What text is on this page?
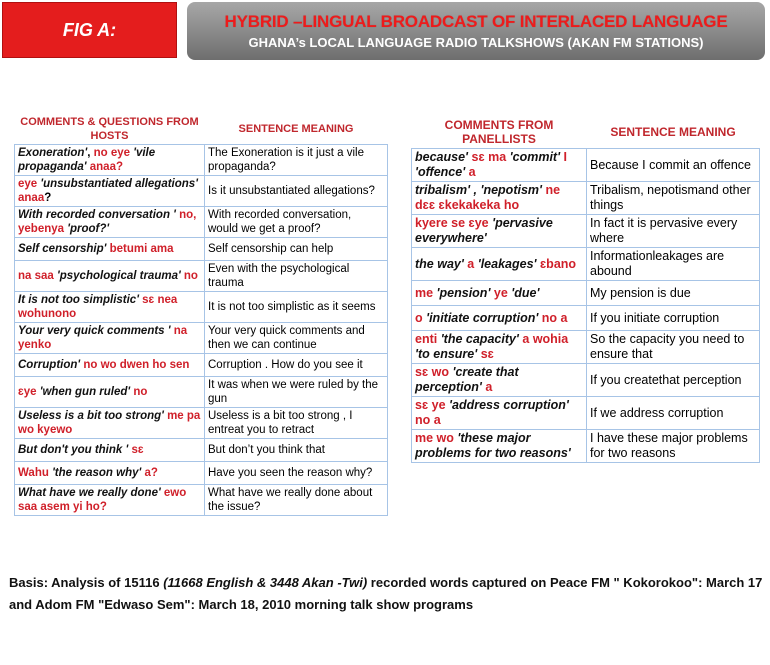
FIG A:	HYBRID –LINGUAL BROADCAST OF INTERLACED LANGUAGE
GHANA’s LOCAL LANGUAGE RADIO TALKSHOWS (AKAN FM STATIONS)
COMMENTS & QUESTIONS FROM HOSTS	SENTENCE MEANING
Exoneration', no eye 'vile propaganda' anaa?	The Exoneration is it just a vile propaganda?
eye 'unsubstantiated allegations' anaa?	Is it unsubstantiated allegations?
With recorded conversation ' no, yebenya 'proof?'	With recorded conversation, would we get a proof?
Self censorship' betumi ama	Self censorship can help
na saa 'psychological trauma' no	Even with the psychological trauma
It is not too simplistic' sɛ nea wohunono	It is not too simplistic as it seems
Your very quick comments ' na yenko	Your very quick comments and then we can continue
Corruption' no wo dwen ho sen	Corruption . How do you see it
ɛye 'when gun ruled' no	It was when we were ruled by the gun
Useless is a bit too strong' me pa wo kyewo	Useless is a bit too strong , I entreat you to retract
But don't you think ' sɛ	But don’t you think that
Wahu 'the reason why' a?	Have you seen the reason why?
What have we really done' ewo saa asem yi ho?	What have we really done about the issue?
COMMENTS FROM PANELLISTS	SENTENCE MEANING
because' sɛ ma 'commit' I 'offence' a	Because I commit an offence
tribalism' , 'nepotism' ne dɛɛ ɛkekakeka ho	Tribalism, nepotismand other things
kyere se ɛye 'pervasive everywhere'	In fact it is pervasive every where
the way' a 'leakages' ɛbano	Informationleakages are abound
me 'pension' ye 'due'	My pension is due
o 'initiate corruption' no a	If you initiate corruption
enti 'the capacity' a wohia 'to ensure' sɛ	So the capacity you need to ensure that
sɛ wo 'create that perception' a	If you createthat perception
sɛ ye 'address corruption' no a	If we address corruption
me wo 'these major problems for two reasons'	I have these major problems for two reasons
Basis: Analysis of 15116 (11668 English & 3448 Akan -Twi) recorded words captured on Peace FM " Kokorokoo": March 17 and Adom FM "Edwaso Sem": March 18, 2010 morning talk show programs
